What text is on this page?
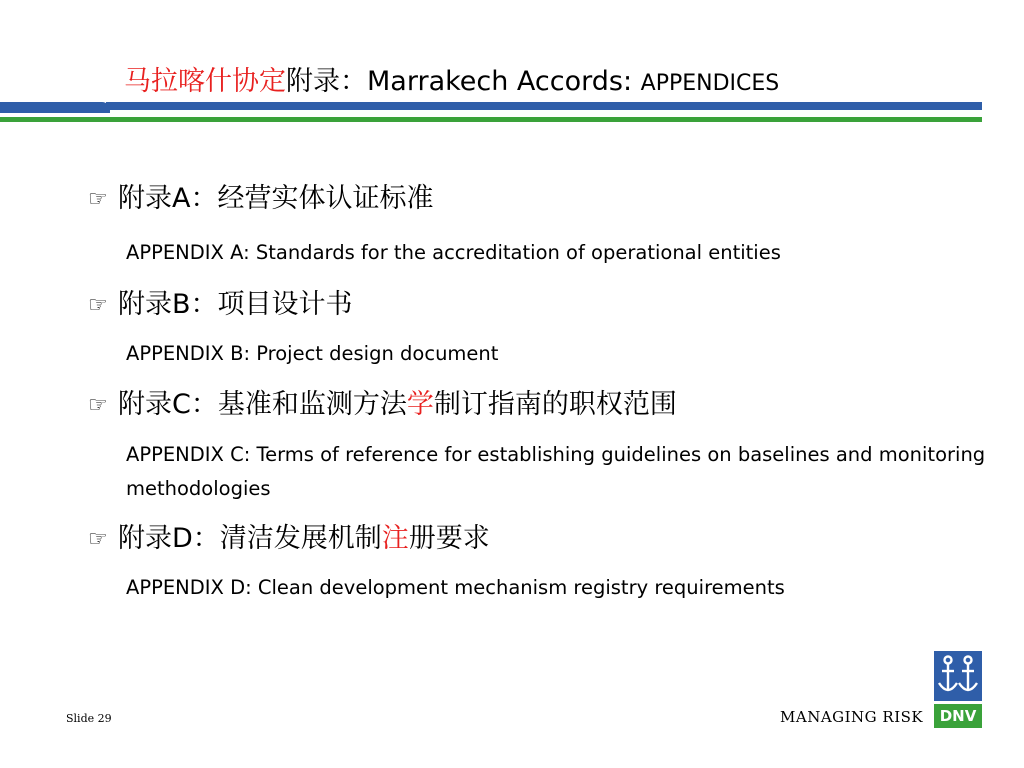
马拉喀什协定附录：Marrakech Accords: APPENDICES
☞ 附录A：经营实体认证标准
APPENDIX A: Standards for the accreditation of operational entities
☞ 附录B：项目设计书
APPENDIX B: Project design document
☞ 附录C：基准和监测方法学制订指南的职权范围
APPENDIX C: Terms of reference for establishing guidelines on baselines and monitoring methodologies
☞ 附录D：清洁发展机制注册要求
APPENDIX D: Clean development mechanism registry requirements
Slide 29	MANAGING RISK	DNV
